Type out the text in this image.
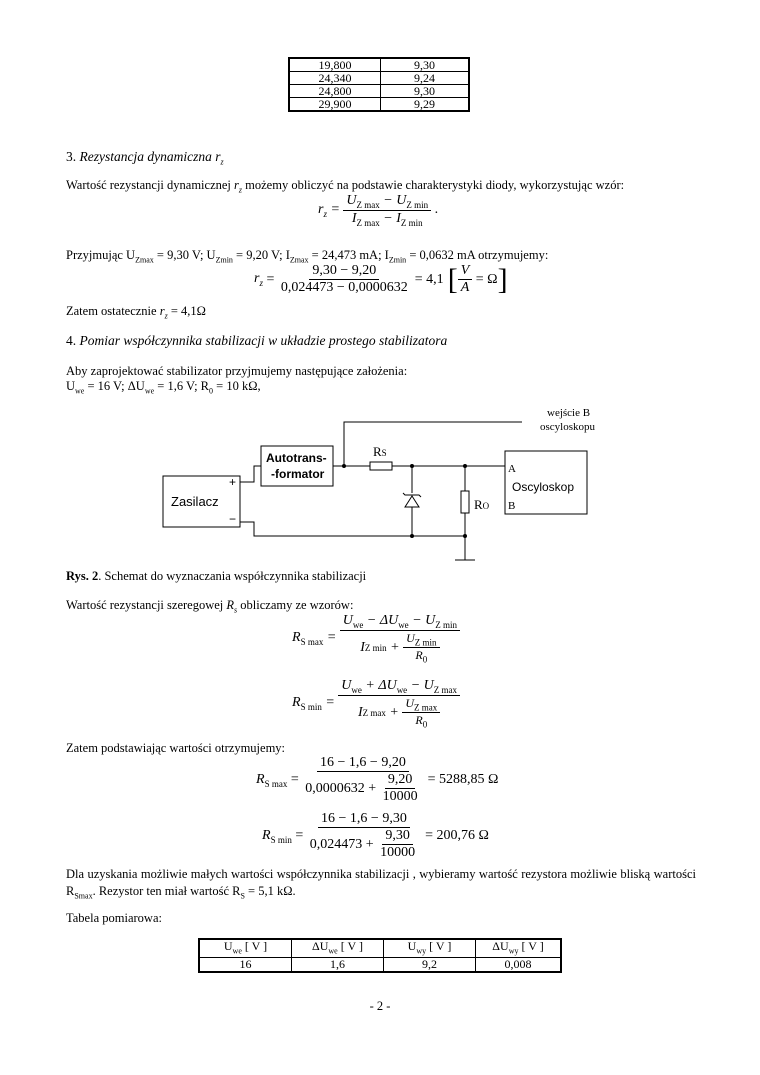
19,800	9,30
24,340	9,24
24,800	9,30
29,900	9,29
3. Rezystancja dynamiczna $r_z$
Wartość rezystancji dynamicznej $r_z$ możemy obliczyć na podstawie charakterystyki diody, wykorzystując wzór:
$r_z = \frac{U_{Z max} - U_{Z min}}{I_{Z max} - I_{Z min}}$ .
Przyjmując $U_{Zmax} = 9,30$ V; $U_{Zmin} = 9,20$ V; $I_{Zmax} = 24,473$ mA; $I_{Zmin} = 0,0632$ mA otrzymujemy:
$r_z = \frac{9,30 - 9,20}{0,024473 - 0,0000632} = 4,1$ [ $\frac{V}{A} = \Omega$ ]
Zatem ostatecznie $r_z = 4,1\Omega$
4. Pomiar współczynnika stabilizacji w układzie prostego stabilizatora
Aby zaprojektować stabilizator przyjmujemy następujące założenia:
$U_{we} = 16$ V; $\Delta U_{we} = 1,6$ V; $R_0 = 10$ kΩ,
Zasilacz
+
−
Autotrans-
-formator
Oscyloskop
RS
RO
A
B
wejście B
oscyloskopu
Rys. 2. Schemat do wyznaczania współczynnika stabilizacji
Wartość rezystancji szeregowej $R_s$ obliczamy ze wzorów:
$R_{S max} = \frac{U_{we} - \Delta U_{we} - U_{Z min}}{I Z \min + \frac{U_{Z min}}{R_0}}$
$R_{S min} = \frac{U_{we} + \Delta U_{we} - U_{Z max}}{I Z \max + \frac{U_{Z max}}{R_0}}$
Zatem podstawiając wartości otrzymujemy:
$R_{S max} = 16 - 1,6 - 9,20$
0,0000632 +
$\frac{9,20}{10000} = 5288,85$ Ω
$R_{S min} = 16 - 1,6 - 9,30$
0,024473 +
$\frac{9,30}{10000} = 200,76$ Ω
Dla uzyskania możliwie małych wartości współczynnika stabilizacji , wybieramy wartość rezystora możliwie bliską wartości $R_{Smax}$. Rezystor ten miał wartość $R_S = 5,1$ kΩ.
Tabela pomiarowa:
$U_{we}$ [ V ]	$\Delta U_{we}$ [ V ]	$U_{wy}$ [ V ]	$\Delta U_{wy}$ [ V ]
16	1,6	9,2	0,008
- 2 -
